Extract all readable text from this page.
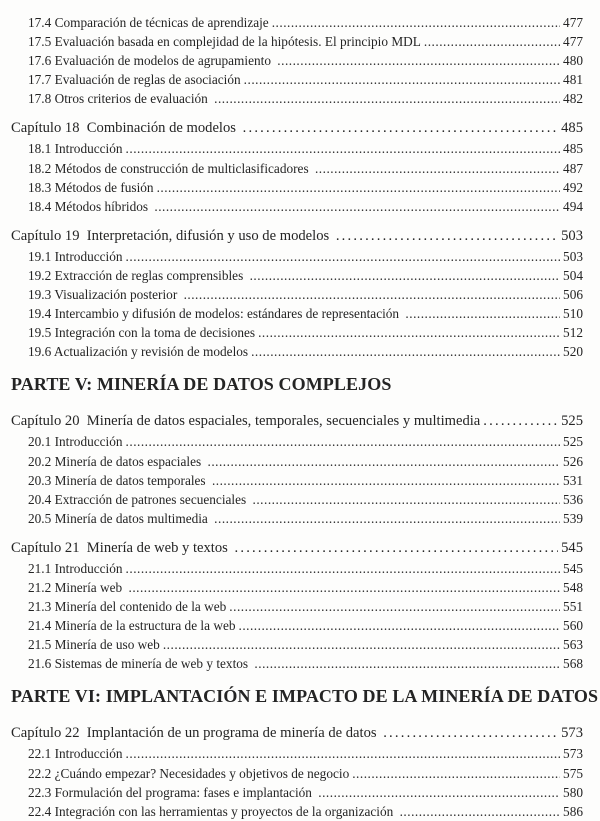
17.4 Comparación de técnicas de aprendizaje .....	477
17.5 Evaluación basada en complejidad de la hipótesis. El principio MDL .....	477
17.6 Evaluación de modelos de agrupamiento .....	480
17.7 Evaluación de reglas de asociación .....	481
17.8 Otros criterios de evaluación .....	482
Capítulo 18  Combinación de modelos .....	485
18.1 Introducción .....	485
18.2 Métodos de construcción de multiclasificadores .....	487
18.3 Métodos de fusión .....	492
18.4 Métodos híbridos .....	494
Capítulo 19  Interpretación, difusión y uso de modelos .....	503
19.1 Introducción .....	503
19.2 Extracción de reglas comprensibles .....	504
19.3 Visualización posterior .....	506
19.4 Intercambio y difusión de modelos: estándares de representación .....	510
19.5 Integración con la toma de decisiones .....	512
19.6 Actualización y revisión de modelos .....	520
PARTE V: MINERÍA DE DATOS COMPLEJOS
Capítulo 20  Minería de datos espaciales, temporales, secuenciales y multimedia .....	525
20.1 Introducción .....	525
20.2 Minería de datos espaciales .....	526
20.3 Minería de datos temporales .....	531
20.4 Extracción de patrones secuenciales .....	536
20.5 Minería de datos multimedia .....	539
Capítulo 21  Minería de web y textos .....	545
21.1 Introducción .....	545
21.2 Minería web .....	548
21.3 Minería del contenido de la web .....	551
21.4 Minería de la estructura de la web .....	560
21.5 Minería de uso web .....	563
21.6 Sistemas de minería de web y textos .....	568
PARTE VI: IMPLANTACIÓN E IMPACTO DE LA MINERÍA DE DATOS
Capítulo 22  Implantación de un programa de minería de datos .....	573
22.1 Introducción .....	573
22.2 ¿Cuándo empezar? Necesidades y objetivos de negocio .....	575
22.3 Formulación del programa: fases e implantación .....	580
22.4 Integración con las herramientas y proyectos de la organización .....	586
